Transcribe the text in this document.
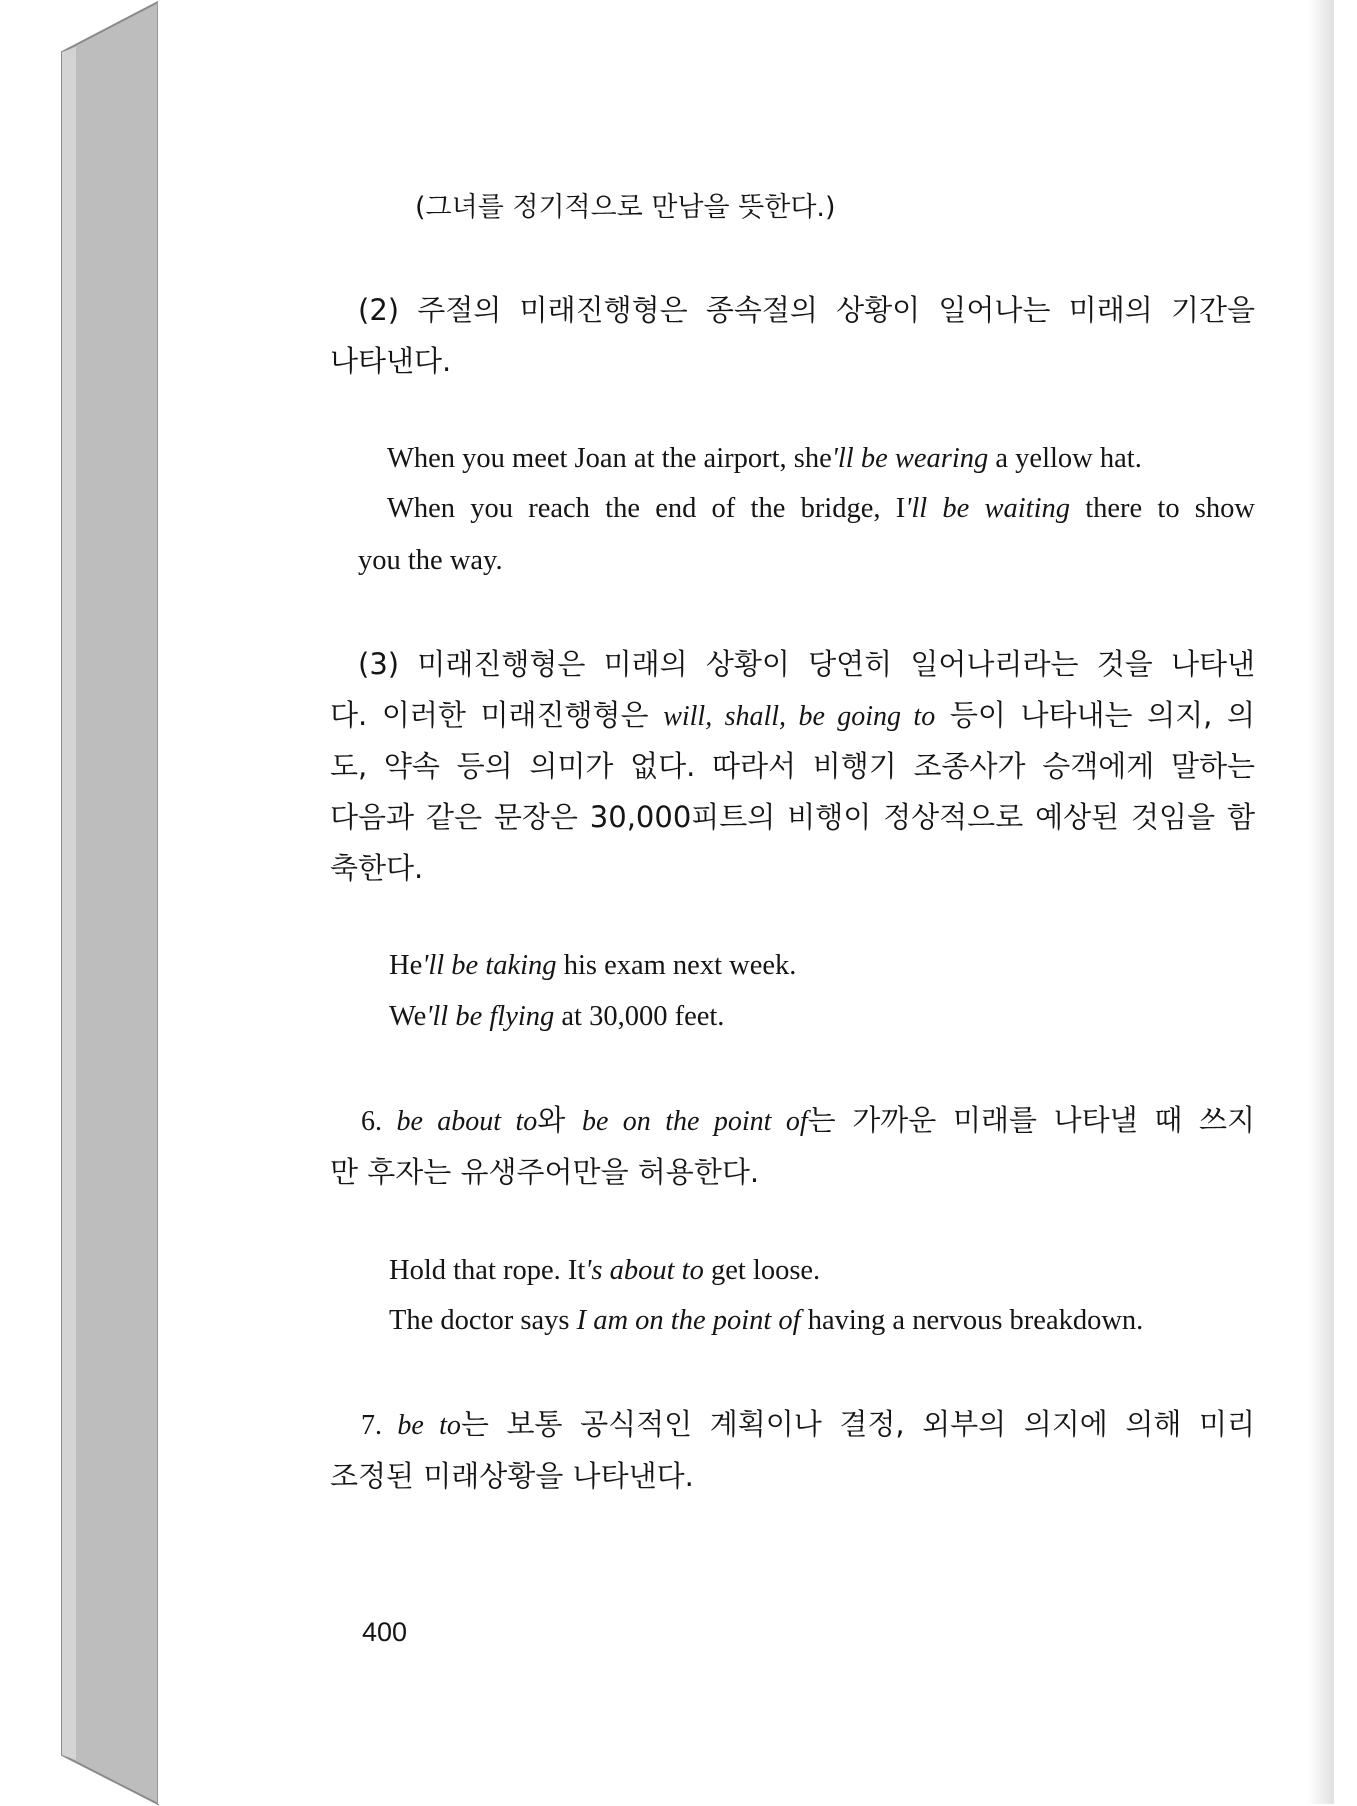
(그녀를 정기적으로 만남을 뜻한다.)
(2) 주절의 미래진행형은 종속절의 상황이 일어나는 미래의 기간을
나타낸다.
When you meet Joan at the airport, she'll be wearing a yellow hat.
When you reach the end of the bridge, I'll be waiting there to show
you the way.
(3) 미래진행형은 미래의 상황이 당연히 일어나리라는 것을 나타낸
다. 이러한 미래진행형은 will, shall, be going to 등이 나타내는 의지, 의
도, 약속 등의 의미가 없다. 따라서 비행기 조종사가 승객에게 말하는
다음과 같은 문장은 30,000피트의 비행이 정상적으로 예상된 것임을 함
축한다.
He'll be taking his exam next week.
We'll be flying at 30,000 feet.
6. be about to와 be on the point of는 가까운 미래를 나타낼 때 쓰지
만 후자는 유생주어만을 허용한다.
Hold that rope. It's about to get loose.
The doctor says I am on the point of having a nervous breakdown.
7. be to는 보통 공식적인 계획이나 결정, 외부의 의지에 의해 미리
조정된 미래상황을 나타낸다.
400
